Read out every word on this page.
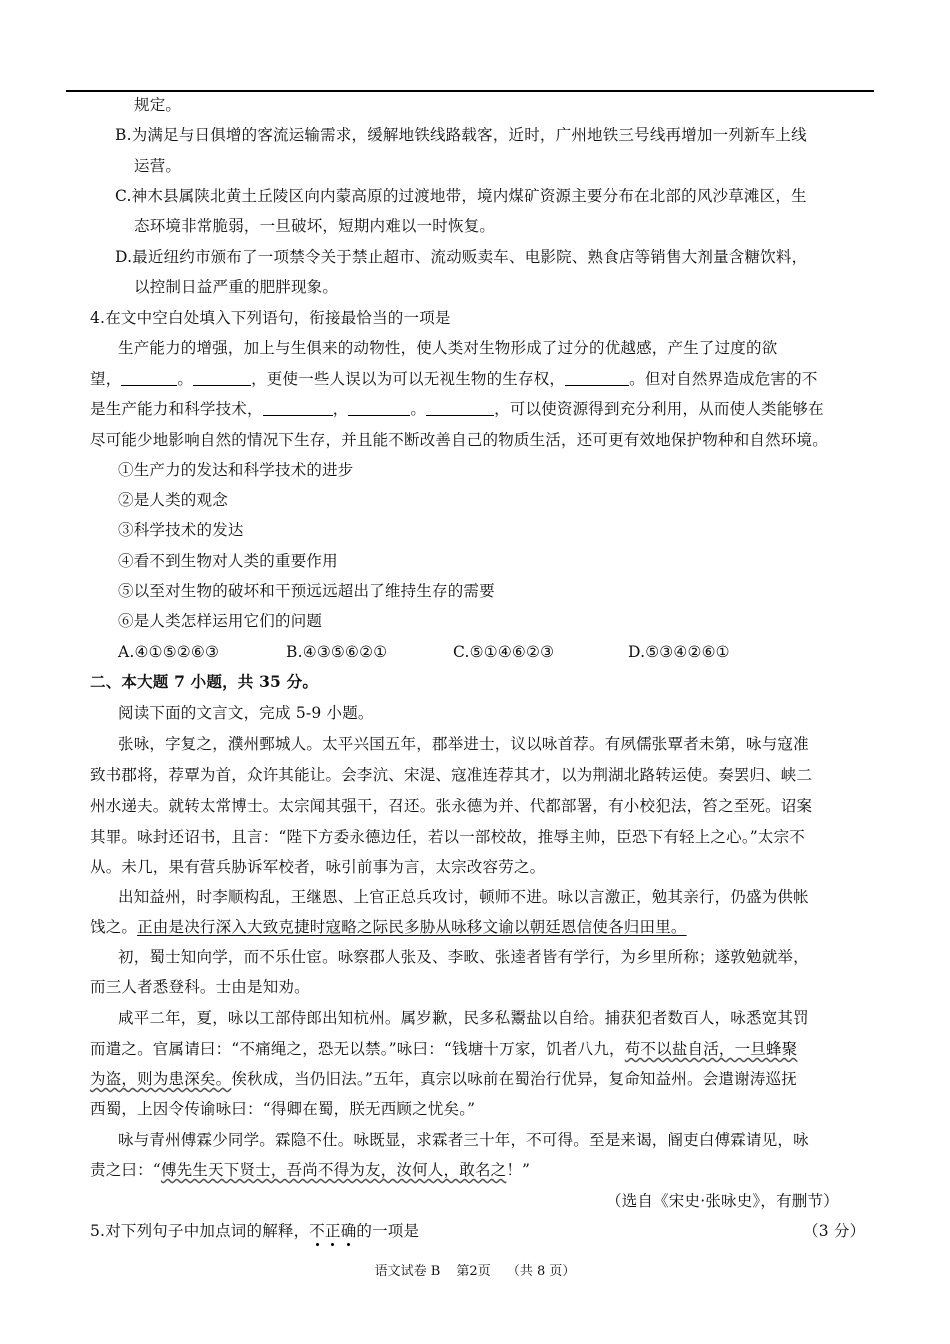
规定。
B.为满足与日俱增的客流运输需求，缓解地铁线路载客，近时，广州地铁三号线再增加一列新车上线
运营。
C.神木县属陕北黄土丘陵区向内蒙高原的过渡地带，境内煤矿资源主要分布在北部的风沙草滩区，生
态环境非常脆弱，一旦破坏，短期内难以一时恢复。
D.最近纽约市颁布了一项禁令关于禁止超市、流动贩卖车、电影院、熟食店等销售大剂量含糖饮料，
以控制日益严重的肥胖现象。
4.在文中空白处填入下列语句，衔接最恰当的一项是
生产能力的增强，加上与生俱来的动物性，使人类对生物形成了过分的优越感，产生了过度的欲
望，	。	，更使一些人误以为可以无视生物的生存权，	。但对自然界造成危害的不
是生产能力和科学技术，	，	。	，可以使资源得到充分利用，从而使人类能够在
尽可能少地影响自然的情况下生存，并且能不断改善自己的物质生活，还可更有效地保护物种和自然环境。
①生产力的发达和科学技术的进步
②是人类的观念
③科学技术的发达
④看不到生物对人类的重要作用
⑤以至对生物的破坏和干预远远超出了维持生存的需要
⑥是人类怎样运用它们的问题
A.④①⑤②⑥③	B.④③⑤⑥②①	C.⑤①④⑥②③	D.⑤③④②⑥①
二、本大题 7 小题，共 35 分。
阅读下面的文言文，完成 5-9 小题。
张咏，字复之，濮州鄄城人。太平兴国五年，郡举进士，议以咏首荐。有夙儒张覃者未第，咏与寇准
致书郡将，荐覃为首，众许其能让。会李沆、宋湜、寇准连荐其才，以为荆湖北路转运使。奏罢归、峡二
州水递夫。就转太常博士。太宗闻其强干，召还。张永德为并、代都部署，有小校犯法，笞之至死。诏案
其罪。咏封还诏书，且言：“陛下方委永德边任，若以一部校故，推辱主帅，臣恐下有轻上之心。”太宗不
从。未几，果有营兵胁诉军校者，咏引前事为言，太宗改容劳之。
出知益州，时李顺构乱，王继恩、上官正总兵攻讨，顿师不进。咏以言激正，勉其亲行，仍盛为供帐
饯之。正由是决行深入大致克捷时寇略之际民多胁从咏移文谕以朝廷恩信使各归田里。
初，蜀士知向学，而不乐仕宦。咏察郡人张及、李畋、张逵者皆有学行，为乡里所称；遂敦勉就举，
而三人者悉登科。士由是知劝。
咸平二年，夏，咏以工部侍郎出知杭州。属岁歉，民多私鬻盐以自给。捕获犯者数百人，咏悉宽其罚
而遣之。官属请曰：“不痛绳之，恐无以禁。”咏曰：“钱塘十万家，饥者八九，苟不以盐自活，一旦蜂聚
为盗，则为患深矣。俟秋成，当仍旧法。”五年，真宗以咏前在蜀治行优异，复命知益州。会遣谢涛巡抚
西蜀，上因令传谕咏曰：“得卿在蜀，朕无西顾之忧矣。”
咏与青州傅霖少同学。霖隐不仕。咏既显，求霖者三十年，不可得。至是来谒，阍吏白傅霖请见，咏
责之曰：“傅先生天下贤士，吾尚不得为友，汝何人，敢名之！”
（选自《宋史·张咏史》，有删节）
5.对下列句子中加点词的解释，不正确的一项是	（3 分）
语文试卷 B 第2页 （共 8 页）
